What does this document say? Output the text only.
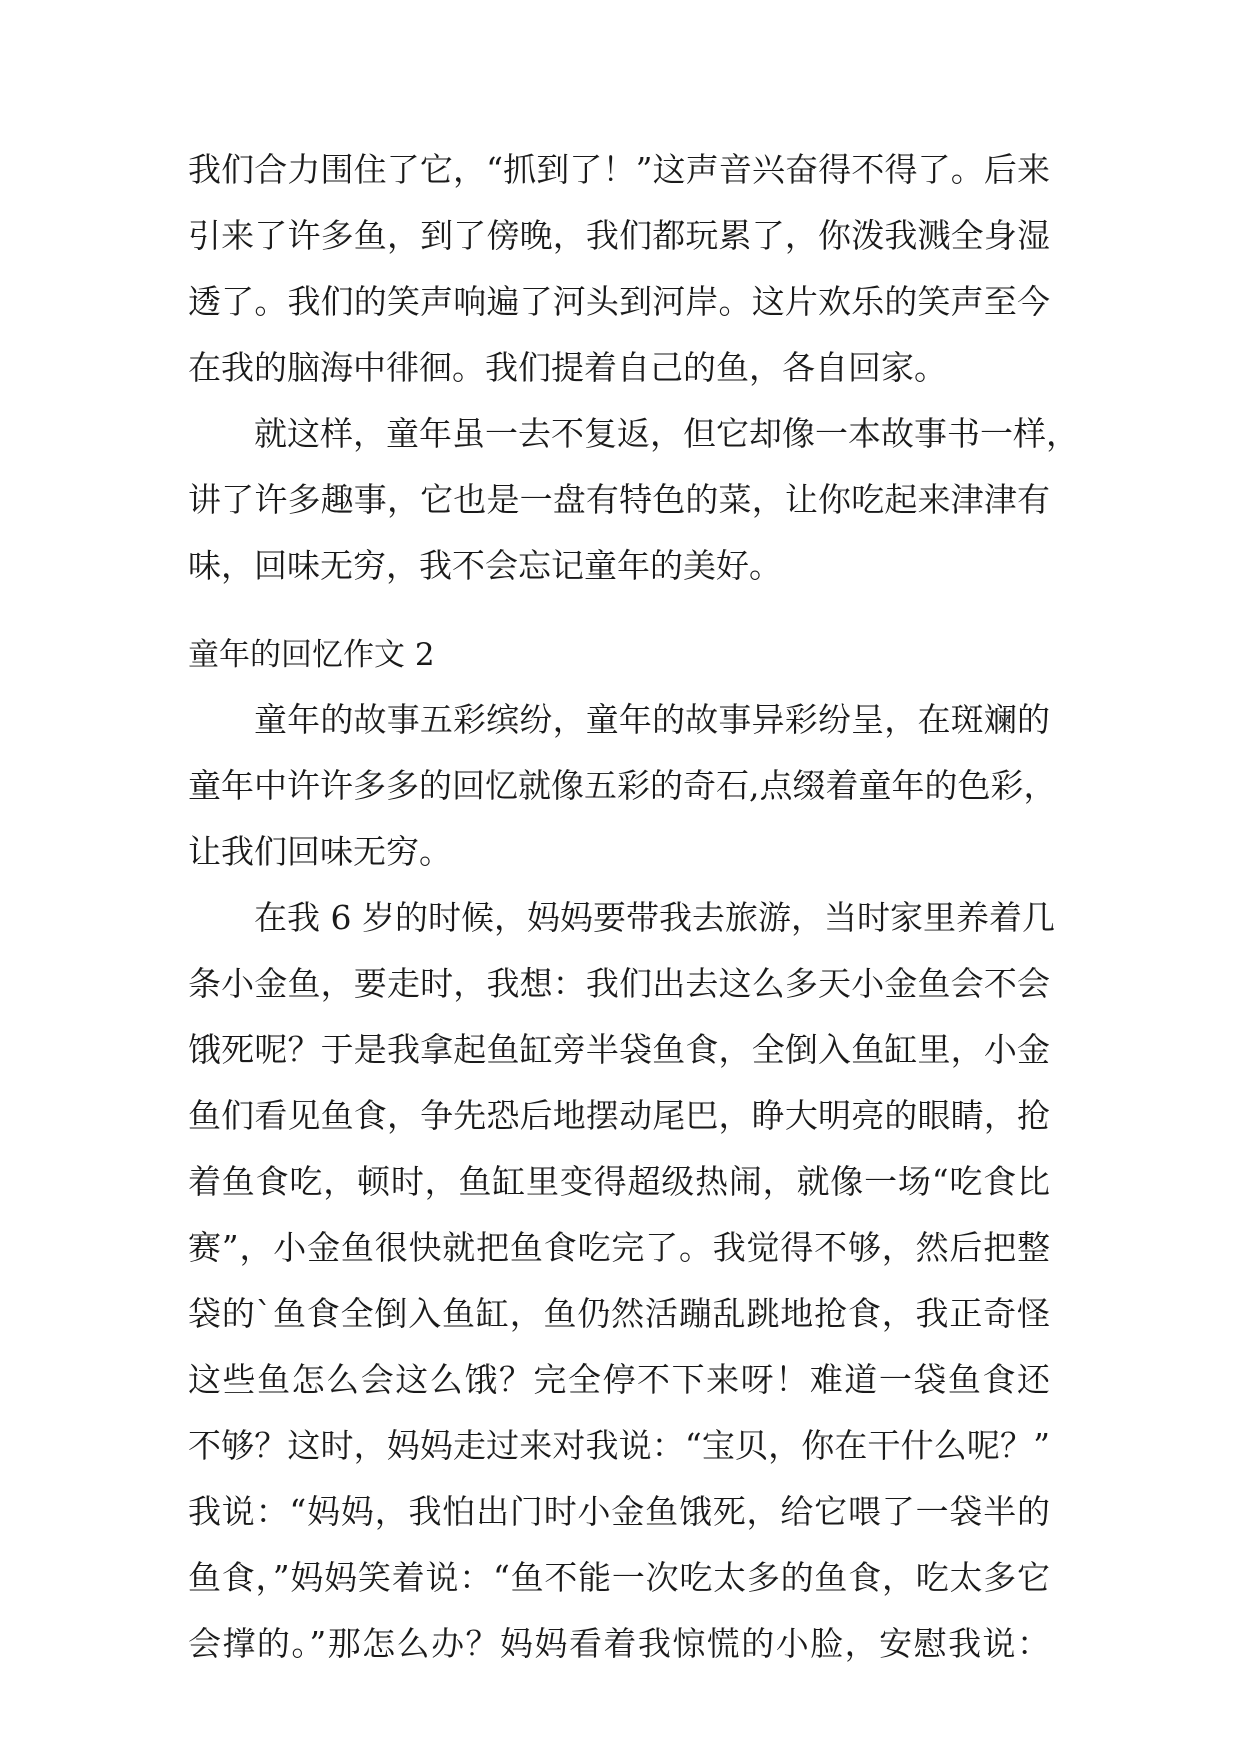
我们合力围住了它，“抓到了！”这声音兴奋得不得了。后来
引来了许多鱼，到了傍晚，我们都玩累了，你泼我溅全身湿
透了。我们的笑声响遍了河头到河岸。这片欢乐的笑声至今
在我的脑海中徘徊。我们提着自己的鱼，各自回家。
就这样，童年虽一去不复返，但它却像一本故事书一样，
讲了许多趣事，它也是一盘有特色的菜，让你吃起来津津有
味，回味无穷，我不会忘记童年的美好。
童年的回忆作文 2
童年的故事五彩缤纷，童年的故事异彩纷呈，在斑斓的
童年中许许多多的回忆就像五彩的奇石,点缀着童年的色彩，
让我们回味无穷。
在我 6 岁的时候，妈妈要带我去旅游，当时家里养着几
条小金鱼，要走时，我想：我们出去这么多天小金鱼会不会
饿死呢？于是我拿起鱼缸旁半袋鱼食，全倒入鱼缸里，小金
鱼们看见鱼食，争先恐后地摆动尾巴，睁大明亮的眼睛，抢
着鱼食吃，顿时，鱼缸里变得超级热闹，就像一场“吃食比
赛”，小金鱼很快就把鱼食吃完了。我觉得不够，然后把整
袋的`鱼食全倒入鱼缸，鱼仍然活蹦乱跳地抢食，我正奇怪
这些鱼怎么会这么饿？完全停不下来呀！难道一袋鱼食还
不够？这时，妈妈走过来对我说：“宝贝，你在干什么呢？”
我说：“妈妈，我怕出门时小金鱼饿死，给它喂了一袋半的
鱼食，”妈妈笑着说：“鱼不能一次吃太多的鱼食，吃太多它
会撑的。”那怎么办？妈妈看着我惊慌的小脸，安慰我说：
